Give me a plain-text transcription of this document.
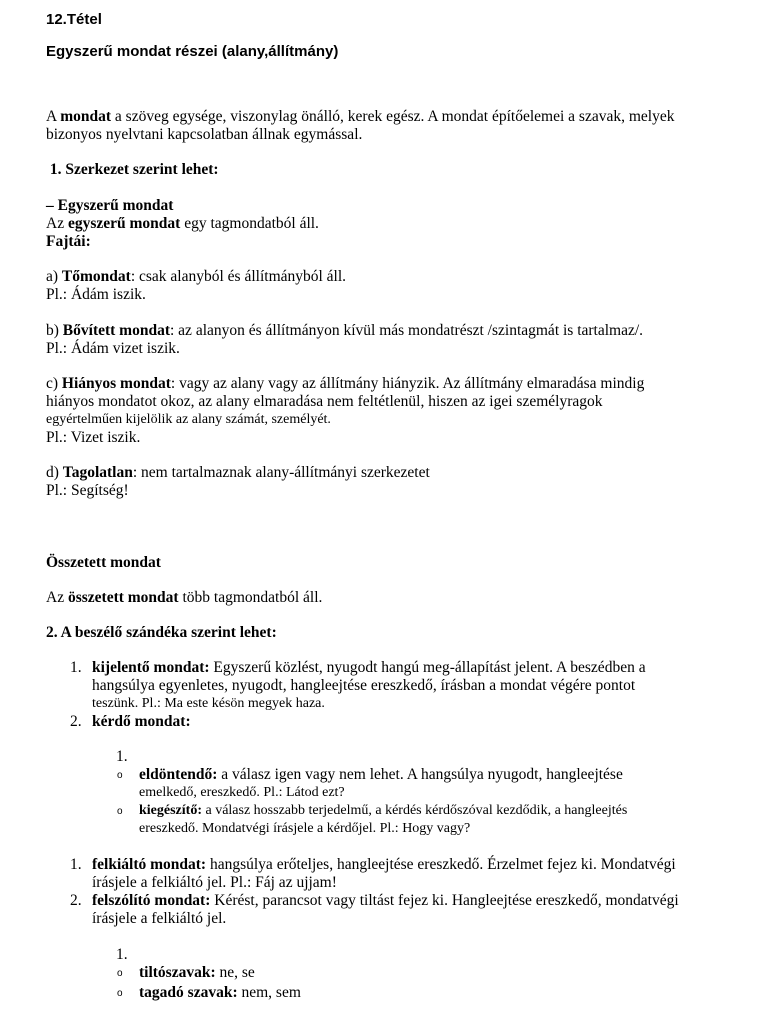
12.Tétel
Egyszerű mondat részei (alany,állítmány)
A mondat a szöveg egysége, viszonylag önálló, kerek egész. A mondat építőelemei a szavak, melyek
bizonyos nyelvtani kapcsolatban állnak egymással.
1. Szerkezet szerint lehet:
– Egyszerű mondat
Az egyszerű mondat egy tagmondatból áll.
Fajtái:
a) Tőmondat: csak alanyból és állítmányból áll.
Pl.: Ádám iszik.
b) Bővített mondat: az alanyon és állítmányon kívül más mondatrészt /szintagmát is tartalmaz/.
Pl.: Ádám vizet iszik.
c) Hiányos mondat: vagy az alany vagy az állítmány hiányzik. Az állítmány elmaradása mindig
hiányos mondatot okoz, az alany elmaradása nem feltétlenül, hiszen az igei személyragok
egyértelműen kijelölik az alany számát, személyét.
Pl.: Vizet iszik.
d) Tagolatlan: nem tartalmaznak alany-állítmányi szerkezetet
Pl.: Segítség!
Összetett mondat
Az összetett mondat több tagmondatból áll.
2. A beszélő szándéka szerint lehet:
1. kijelentő mondat: Egyszerű közlést, nyugodt hangú meg-állapítást jelent. A beszédben a
hangsúlya egyenletes, nyugodt, hangleejtése ereszkedő, írásban a mondat végére pontot
teszünk. Pl.: Ma este késön megyek haza.
2. kérdő mondat:
1.
o eldöntendő: a válasz igen vagy nem lehet. A hangsúlya nyugodt, hangleejtése
emelkedő, ereszkedő. Pl.: Látod ezt?
o kiegészítő: a válasz hosszabb terjedelmű, a kérdés kérdőszóval kezdődik, a hangleejtés
ereszkedő. Mondatvégi írásjele a kérdőjel. Pl.: Hogy vagy?
1. felkiáltó mondat: hangsúlya erőteljes, hangleejtése ereszkedő. Érzelmet fejez ki. Mondatvégi
írásjele a felkiáltó jel. Pl.: Fáj az ujjam!
2. felszólító mondat: Kérést, parancsot vagy tiltást fejez ki. Hangleejtése ereszkedő, mondatvégi
írásjele a felkiáltó jel.
1.
o tiltószavak: ne, se
o tagadó szavak: nem, sem
